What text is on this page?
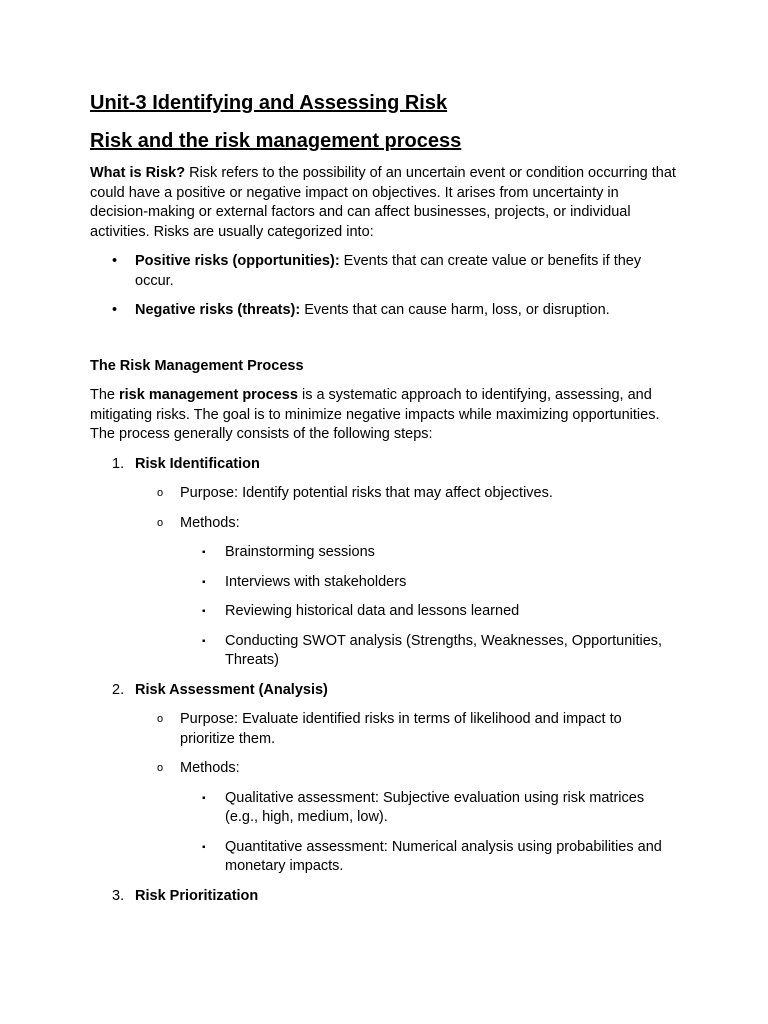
Unit-3 Identifying and Assessing Risk
Risk and the risk management process

What is Risk? Risk refers to the possibility of an uncertain event or condition occurring that could have a positive or negative impact on objectives. It arises from uncertainty in decision-making or external factors and can affect businesses, projects, or individual activities. Risks are usually categorized into:

• Positive risks (opportunities): Events that can create value or benefits if they occur.
• Negative risks (threats): Events that can cause harm, loss, or disruption.
The Risk Management Process

The risk management process is a systematic approach to identifying, assessing, and mitigating risks. The goal is to minimize negative impacts while maximizing opportunities. The process generally consists of the following steps:

1. Risk Identification
o Purpose: Identify potential risks that may affect objectives.
o Methods:
▪ Brainstorming sessions
▪ Interviews with stakeholders
▪ Reviewing historical data and lessons learned
▪ Conducting SWOT analysis (Strengths, Weaknesses, Opportunities, Threats)
2. Risk Assessment (Analysis)
o Purpose: Evaluate identified risks in terms of likelihood and impact to prioritize them.
o Methods:
▪ Qualitative assessment: Subjective evaluation using risk matrices (e.g., high, medium, low).
▪ Quantitative assessment: Numerical analysis using probabilities and monetary impacts.
3. Risk Prioritization
